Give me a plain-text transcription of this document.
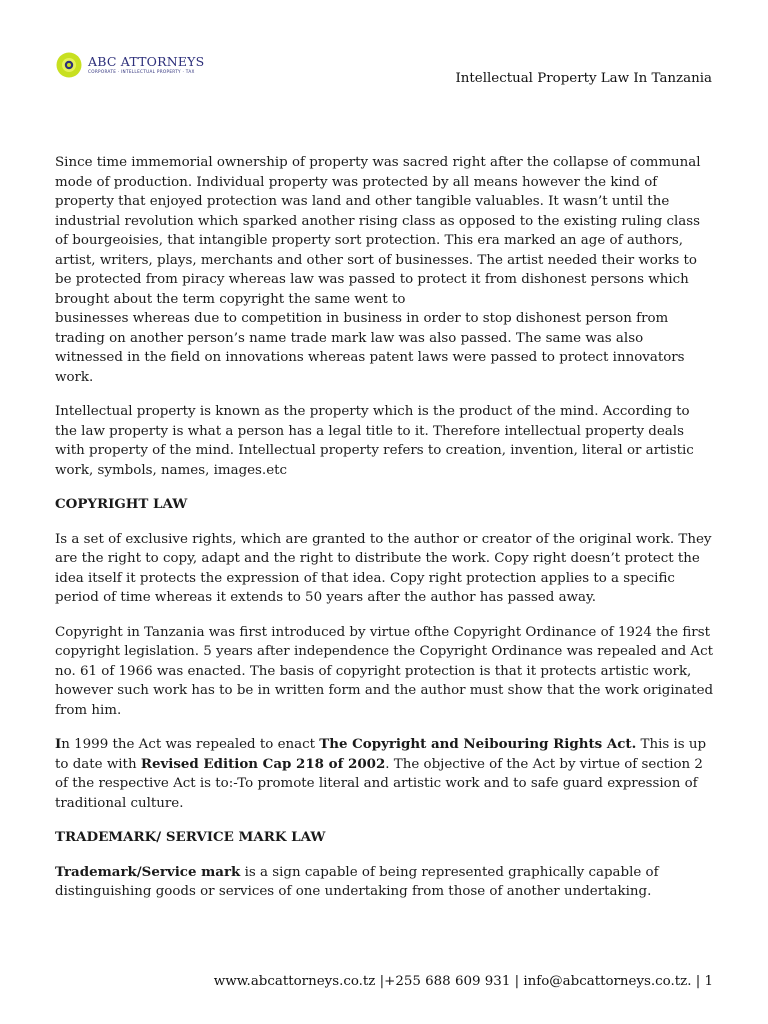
ABC ATTORNEYS
CORPORATE · INTELLECTUAL PROPERTY · TAX	Intellectual Property Law In Tanzania

Since time immemorial ownership of property was sacred right after the collapse of communal mode of production. Individual property was protected by all means however the kind of property that enjoyed protection was land and other tangible valuables. It wasn’t until the industrial revolution which sparked another rising class as opposed to the existing ruling class of bourgeoisies, that intangible property sort protection. This era marked an age of authors, artist, writers, plays, merchants and other sort of businesses. The artist needed their works to be protected from piracy whereas law was passed to protect it from dishonest persons which brought about the term copyright the same went to
businesses whereas due to competition in business in order to stop dishonest person from trading on another person’s name trade mark law was also passed. The same was also witnessed in the field on innovations whereas patent laws were passed to protect innovators work.

Intellectual property is known as the property which is the product of the mind. According to the law property is what a person has a legal title to it. Therefore intellectual property deals with property of the mind. Intellectual property refers to creation, invention, literal or artistic work, symbols, names, images.etc

COPYRIGHT LAW

Is a set of exclusive rights, which are granted to the author or creator of the original work. They are the right to copy, adapt and the right to distribute the work. Copy right doesn’t protect the idea itself it protects the expression of that idea. Copy right protection applies to a specific period of time whereas it extends to 50 years after the author has passed away.

Copyright in Tanzania was first introduced by virtue ofthe Copyright Ordinance of 1924 the first copyright legislation. 5 years after independence the Copyright Ordinance was repealed and Act no. 61 of 1966 was enacted. The basis of copyright protection is that it protects artistic work, however such work has to be in written form and the author must show that the work originated from him.

In 1999 the Act was repealed to enact The Copyright and Neibouring Rights Act. This is up to date with Revised Edition Cap 218 of 2002. The objective of the Act by virtue of section 2 of the respective Act is to:-To promote literal and artistic work and to safe guard expression of traditional culture.

TRADEMARK/ SERVICE MARK LAW

Trademark/Service mark is a sign capable of being represented graphically capable of distinguishing goods or services of one undertaking from those of another undertaking.

www.abcattorneys.co.tz |+255 688 609 931 | info@abcattorneys.co.tz. | 1
